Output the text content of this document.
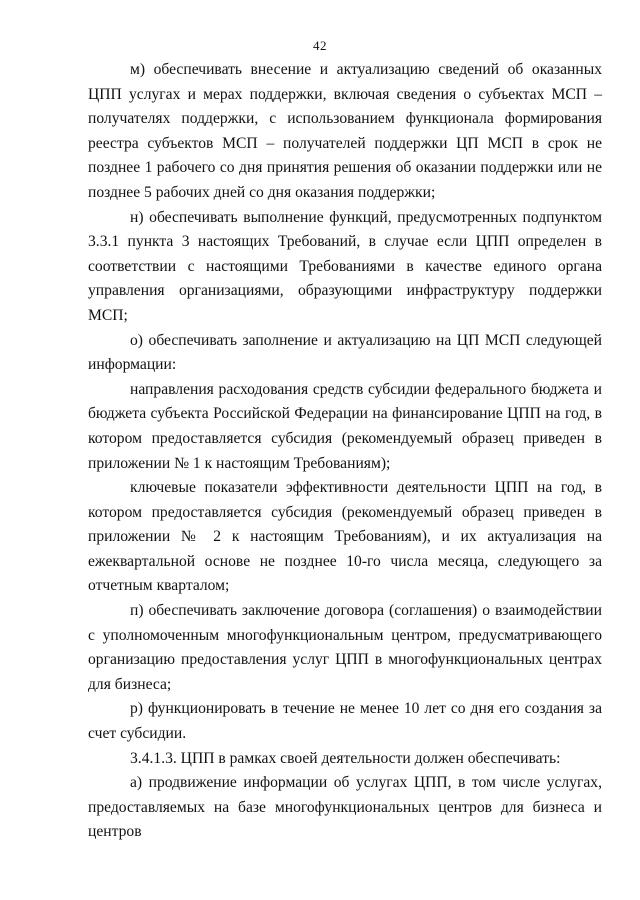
42

м) обеспечивать внесение и актуализацию сведений об оказанных ЦПП услугах и мерах поддержки, включая сведения о субъектах МСП – получателях поддержки, с использованием функционала формирования реестра субъектов МСП – получателей поддержки ЦП МСП в срок не позднее 1 рабочего со дня принятия решения об оказании поддержки или не позднее 5 рабочих дней со дня оказания поддержки;

н) обеспечивать выполнение функций, предусмотренных подпунктом 3.3.1 пункта 3 настоящих Требований, в случае если ЦПП определен в соответствии с настоящими Требованиями в качестве единого органа управления организациями, образующими инфраструктуру поддержки МСП;

о) обеспечивать заполнение и актуализацию на ЦП МСП следующей информации:

направления расходования средств субсидии федерального бюджета и бюджета субъекта Российской Федерации на финансирование ЦПП на год, в котором предоставляется субсидия (рекомендуемый образец приведен в приложении № 1 к настоящим Требованиям);

ключевые показатели эффективности деятельности ЦПП на год, в котором предоставляется субсидия (рекомендуемый образец приведен в приложении № 2 к настоящим Требованиям), и их актуализация на ежеквартальной основе не позднее 10-го числа месяца, следующего за отчетным кварталом;

п) обеспечивать заключение договора (соглашения) о взаимодействии с уполномоченным многофункциональным центром, предусматривающего организацию предоставления услуг ЦПП в многофункциональных центрах для бизнеса;

р) функционировать в течение не менее 10 лет со дня его создания за счет субсидии.

3.4.1.3. ЦПП в рамках своей деятельности должен обеспечивать:

а) продвижение информации об услугах ЦПП, в том числе услугах, предоставляемых на базе многофункциональных центров для бизнеса и центров
